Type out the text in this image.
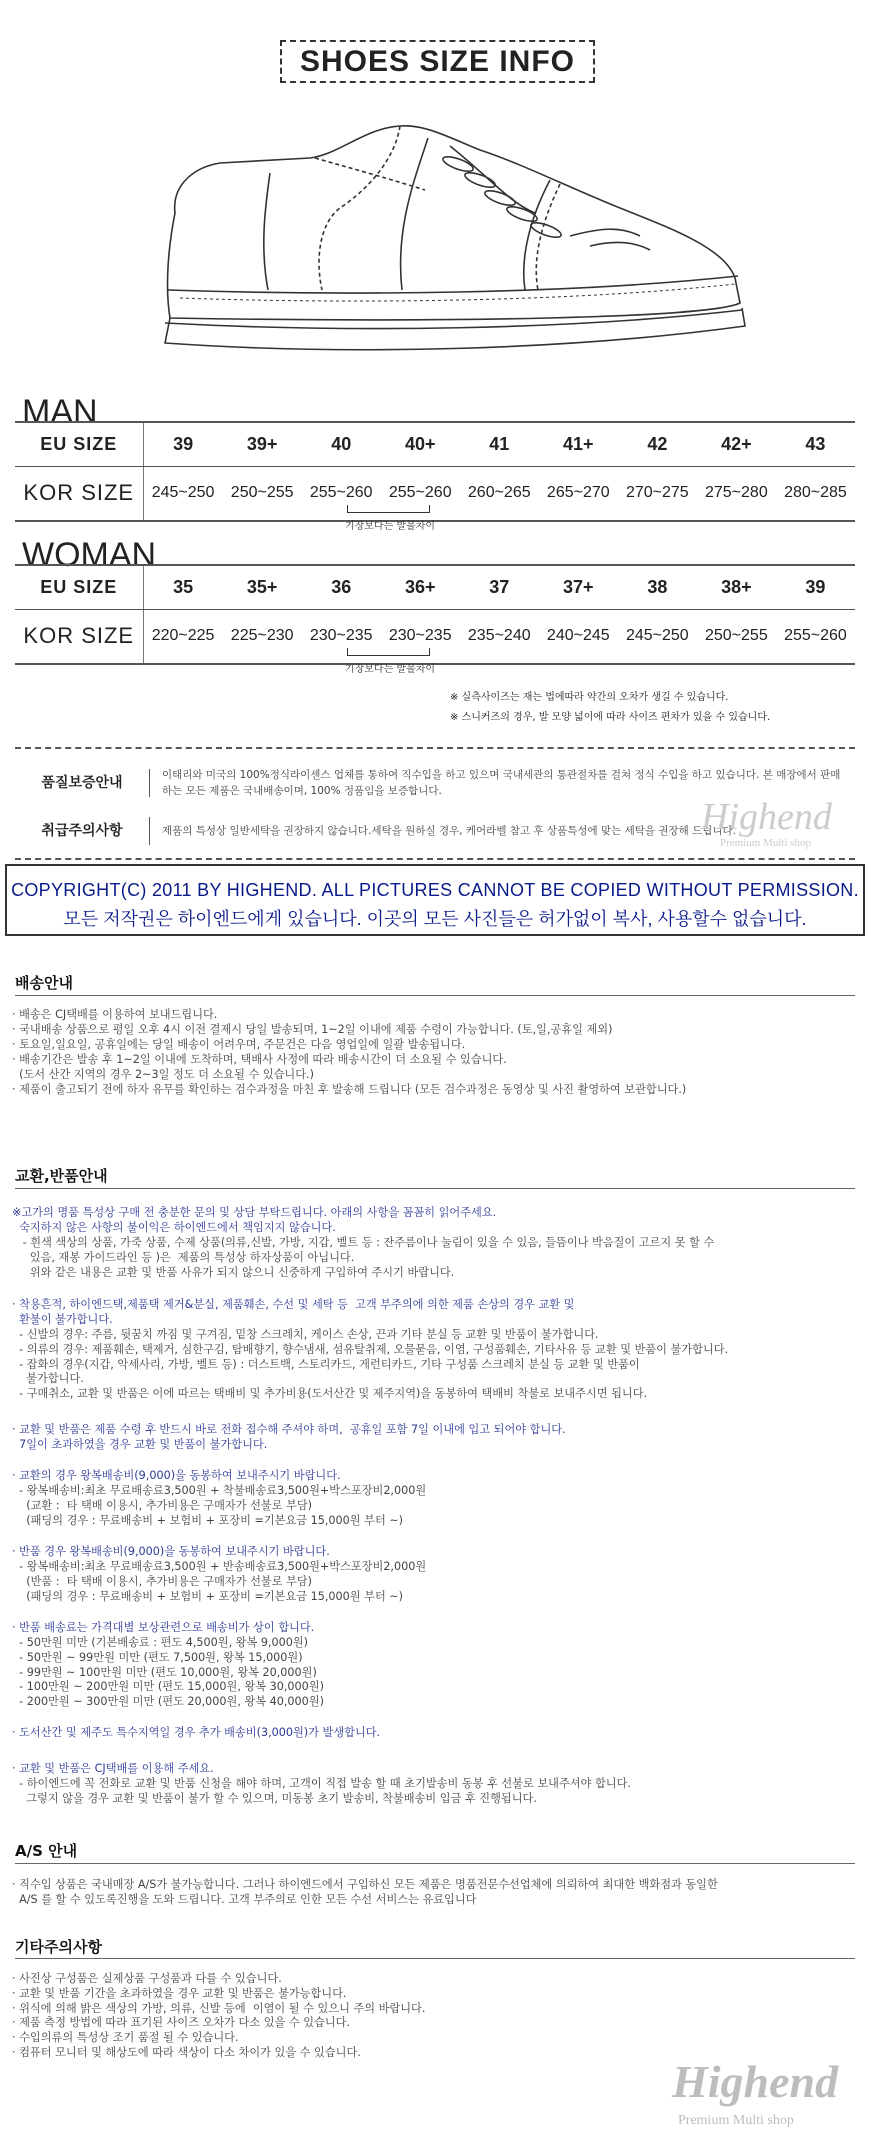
SHOES SIZE INFO
MAN
EU SIZE	39	39+	40	40+	41	41+	42	42+	43
KOR SIZE	245~250	250~255	255~260	255~260	260~265	265~270	270~275	275~280	280~285
기장보다는 발볼차이
WOMAN
EU SIZE	35	35+	36	36+	37	37+	38	38+	39
KOR SIZE	220~225	225~230	230~235	230~235	235~240	240~245	245~250	250~255	255~260
기장보다는 발볼차이
※ 실측사이즈는 재는 법에따라 약간의 오차가 생길 수 있습니다.
※ 스니커즈의 경우, 발 모양 넓이에 따라 사이즈 편차가 있을 수 있습니다.
품질보증안내	이태리와 미국의 100%정식라이센스 업체를 통하여 직수입을 하고 있으며 국내세관의 통관절차를 걸쳐 정식 수입을 하고 있습니다. 본 매장에서 판매하는 모든 제품은 국내배송이며, 100% 정품임을 보증합니다.
취급주의사항	제품의 특성상 일반세탁을 권장하지 않습니다.세탁을 원하실 경우, 케어라벨 참고 후 상품특성에 맞는 세탁을 권장해 드립니다.
Highend
Premium Multi shop
COPYRIGHT(C) 2011 BY HIGHEND. ALL PICTURES CANNOT BE COPIED WITHOUT PERMISSION.
모든 저작권은 하이엔드에게 있습니다. 이곳의 모든 사진들은 허가없이 복사, 사용할수 없습니다.
배송안내
· 배송은 CJ택배를 이용하여 보내드립니다.
· 국내배송 상품으로 평일 오후 4시 이전 결제시 당일 발송되며, 1~2일 이내에 제품 수령이 가능합니다. (토,일,공휴일 제외)
· 토요일,일요일, 공휴일에는 당일 배송이 어려우며, 주문건은 다음 영업일에 일괄 발송됩니다.
· 배송기간은 발송 후 1~2일 이내에 도착하며, 택배사 사정에 따라 배송시간이 더 소요될 수 있습니다.
(도서 산간 지역의 경우 2~3일 정도 더 소요될 수 있습니다.)
· 제품이 출고되기 전에 하자 유무를 확인하는 검수과정을 마친 후 발송해 드립니다 (모든 검수과정은 동영상 및 사진 촬영하여 보관합니다.)
교환,반품안내
※고가의 명품 특성상 구매 전 충분한 문의 및 상담 부탁드립니다. 아래의 사항을 꼼꼼히 읽어주세요.
숙지하지 않은 사항의 불이익은 하이엔드에서 책임지지 않습니다.
- 흰색 색상의 상품, 가죽 상품, 수제 상품(의류,신발, 가방, 지갑, 벨트 등 : 잔주름이나 눌림이 있을 수 있음, 들뜸이나 박음질이 고르지 못 할 수
있음, 재봉 가이드라인 등 )은  제품의 특성상 하자상품이 아닙니다.
위와 같은 내용은 교환 및 반품 사유가 되지 않으니 신중하게 구입하여 주시기 바랍니다.
· 착용흔적, 하이엔드택,제품택 제거&분실, 제품훼손, 수선 및 세탁 등  고객 부주의에 의한 제품 손상의 경우 교환 및
환불이 불가합니다.
- 신발의 경우: 주름, 뒷꿈치 까짐 및 구겨짐, 밑창 스크레치, 케이스 손상, 끈과 기타 분실 등 교환 및 반품이 불가합니다.
- 의류의 경우: 제품훼손, 택제거, 심한구김, 탐배향기, 향수냄새, 섬유탈취제, 오물묻음, 이염, 구성품훼손, 기타사유 등 교환 및 반품이 불가합니다.
- 잡화의 경우(지갑, 악세사리, 가방, 벨트 등) : 더스트백, 스토리카드, 게런티카드, 기타 구성품 스크레치 분실 등 교환 및 반품이
불가합니다.
- 구매취소, 교환 및 반품은 이에 따르는 택배비 및 추가비용(도서산간 및 제주지역)을 동봉하여 택배비 착불로 보내주시면 됩니다.
· 교환 및 반품은 제품 수령 후 반드시 바로 전화 접수해 주셔야 하며,  공휴일 포함 7일 이내에 입고 되어야 합니다.
7일이 초과하였을 경우 교환 및 반품이 불가합니다.
· 교환의 경우 왕복배송비(9,000)을 동봉하여 보내주시기 바랍니다.
- 왕복배송비:최초 무료배송료3,500원 + 착불배송료3,500원+박스포장비2,000원
(교환 :  타 택배 이용시, 추가비용은 구매자가 선불로 부담)
(패딩의 경우 : 무료배송비 + 보험비 + 포장비 =기본요금 15,000원 부터 ~)
· 반품 경우 왕복배송비(9,000)을 동봉하여 보내주시기 바랍니다.
- 왕복배송비:최초 무료배송료3,500원 + 반송배송료3,500원+박스포장비2,000원
(반품 :  타 택배 이용시, 추가비용은 구매자가 선불로 부담)
(패딩의 경우 : 무료배송비 + 보험비 + 포장비 =기본요금 15,000원 부터 ~)
· 반품 배송료는 가격대별 보상관련으로 배송비가 상이 합니다.
- 50만원 미만 (기본배송료 : 편도 4,500원, 왕복 9,000원)
- 50만원 ~ 99만원 미만 (편도 7,500원, 왕복 15,000원)
- 99만원 ~ 100만원 미만 (편도 10,000원, 왕복 20,000원)
- 100만원 ~ 200만원 미만 (편도 15,000원, 왕복 30,000원)
- 200만원 ~ 300만원 미만 (편도 20,000원, 왕복 40,000원)
· 도서산간 및 제주도 특수지역일 경우 추가 배송비(3,000원)가 발생합니다.
· 교환 및 반품은 CJ택배를 이용해 주세요.
- 하이엔드에 꼭 전화로 교환 및 반품 신청을 해야 하며, 고객이 직접 발송 할 때 초기발송비 동봉 후 선불로 보내주셔야 합니다.
그렇지 않을 경우 교환 및 반품이 불가 할 수 있으며, 미동봉 초기 발송비, 착불배송비 입금 후 진행됩니다.
A/S 안내
· 직수입 상품은 국내매장 A/S가 불가능합니다. 그러나 하이엔드에서 구입하신 모든 제품은 명품전문수선업체에 의뢰하여 최대한 백화점과 동일한
A/S 를 할 수 있도록진행을 도와 드립니다. 고객 부주의로 인한 모든 수선 서비스는 유료입니다
기타주의사항
· 사진상 구성품은 실제상품 구성품과 다를 수 있습니다.
· 교환 및 반품 기간을 초과하였을 경우 교환 및 반품은 불가능합니다.
· 위식에 의해 밝은 색상의 가방, 의류, 신발 등에  이염이 될 수 있으니 주의 바랍니다.
· 제품 측정 방법에 따라 표기된 사이즈 오차가 다소 있을 수 있습니다.
· 수입의류의 특성상 조기 품절 될 수 있습니다.
· 컴퓨터 모니터 및 해상도에 따라 색상이 다소 차이가 있을 수 있습니다.
Highend
Premium Multi shop
